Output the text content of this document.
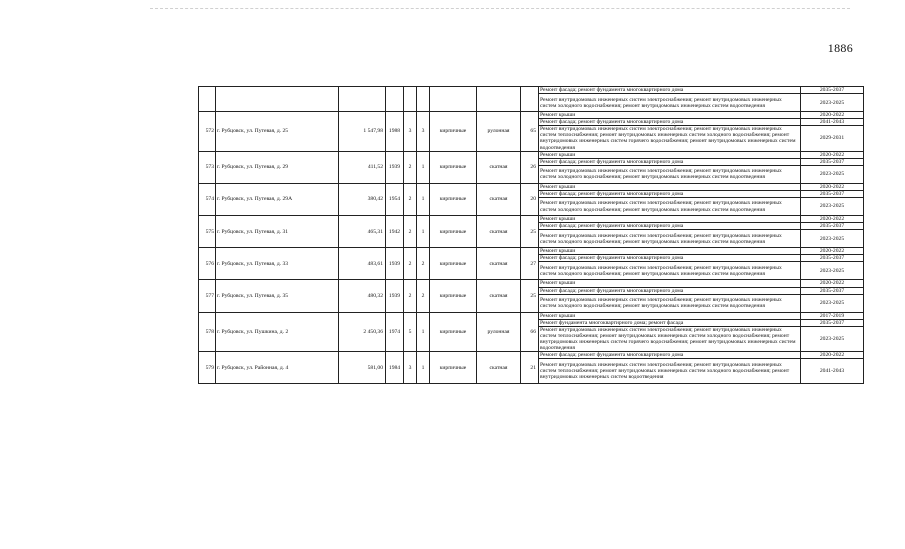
1886
									Ремонт фасада; ремонт фундамента многоквартирного дома	2035-2037
									Ремонт внутридомовых инженерных систем электроснабжения; ремонт внутридомовых инженерных систем холодного водоснабжения; ремонт внутридомовых инженерных систем водоотведения	2023-2025
572	г. Рубцовск, ул. Путевая, д. 25	1 547,98	1988	3	3	кирпичные	рулонная	65	Ремонт крыши	2020-2022
									Ремонт фасада; ремонт фундамента многоквартирного дома	2041-2043
									Ремонт внутридомовых инженерных систем электроснабжения; ремонт внутридомовых инженерных систем теплоснабжения; ремонт внутридомовых инженерных систем холодного водоснабжения; ремонт внутридомовых инженерных систем горячего водоснабжения; ремонт внутридомовых инженерных систем водоотведения	2029-2031
573	г. Рубцовск, ул. Путевая, д. 29	411,52	1939	2	1	кирпичные	скатная	26	Ремонт крыши	2020-2022
									Ремонт фасада; ремонт фундамента многоквартирного дома	2035-2037
									Ремонт внутридомовых инженерных систем электроснабжения; ремонт внутридомовых инженерных систем холодного водоснабжения; ремонт внутридомовых инженерных систем водоотведения	2023-2025
574	г. Рубцовск, ул. Путевая, д. 29А	380,42	1954	2	1	кирпичные	скатная	20	Ремонт крыши	2020-2022
									Ремонт фасада; ремонт фундамента многоквартирного дома	2035-2037
									Ремонт внутридомовых инженерных систем электроснабжения; ремонт внутридомовых инженерных систем холодного водоснабжения; ремонт внутридомовых инженерных систем водоотведения	2023-2025
575	г. Рубцовск, ул. Путевая, д. 31	465,31	1942	2	1	кирпичные	скатная	25	Ремонт крыши	2020-2022
									Ремонт фасада; ремонт фундамента многоквартирного дома	2035-2037
									Ремонт внутридомовых инженерных систем электроснабжения; ремонт внутридомовых инженерных систем холодного водоснабжения; ремонт внутридомовых инженерных систем водоотведения	2023-2025
576	г. Рубцовск, ул. Путевая, д. 33	483,61	1939	2	2	кирпичные	скатная	27	Ремонт крыши	2020-2022
									Ремонт фасада; ремонт фундамента многоквартирного дома	2035-2037
									Ремонт внутридомовых инженерных систем электроснабжения; ремонт внутридомовых инженерных систем холодного водоснабжения; ремонт внутридомовых инженерных систем водоотведения	2023-2025
577	г. Рубцовск, ул. Путевая, д. 35	480,32	1939	2	2	кирпичные	скатная	25	Ремонт крыши	2020-2022
									Ремонт фасада; ремонт фундамента многоквартирного дома	2035-2037
									Ремонт внутридомовых инженерных систем электроснабжения; ремонт внутридомовых инженерных систем холодного водоснабжения; ремонт внутридомовых инженерных систем водоотведения	2023-2025
578	г. Рубцовск, ул. Пушкина, д. 2	2 450,36	1974	5	1	кирпичные	рулонная	66	Ремонт крыши	2017-2019
									Ремонт фундамента многоквартирного дома; ремонт фасада	2035-2037
									Ремонт внутридомовых инженерных систем электроснабжения; ремонт внутридомовых инженерных систем теплоснабжения; ремонт внутридомовых инженерных систем холодного водоснабжения; ремонт внутридомовых инженерных систем горячего водоснабжения; ремонт внутридомовых инженерных систем водоотведения	2023-2025
579	г. Рубцовск, ул. Районная, д. 4	581,00	1984	3	1	кирпичные	скатная	21	Ремонт фасада; ремонт фундамента многоквартирного дома	2020-2022
									Ремонт внутридомовых инженерных систем электроснабжения; ремонт внутридомовых инженерных систем теплоснабжения; ремонт внутридомовых инженерных систем холодного водоснабжения; ремонт внутридомовых инженерных систем водоотведения	2041-2043
